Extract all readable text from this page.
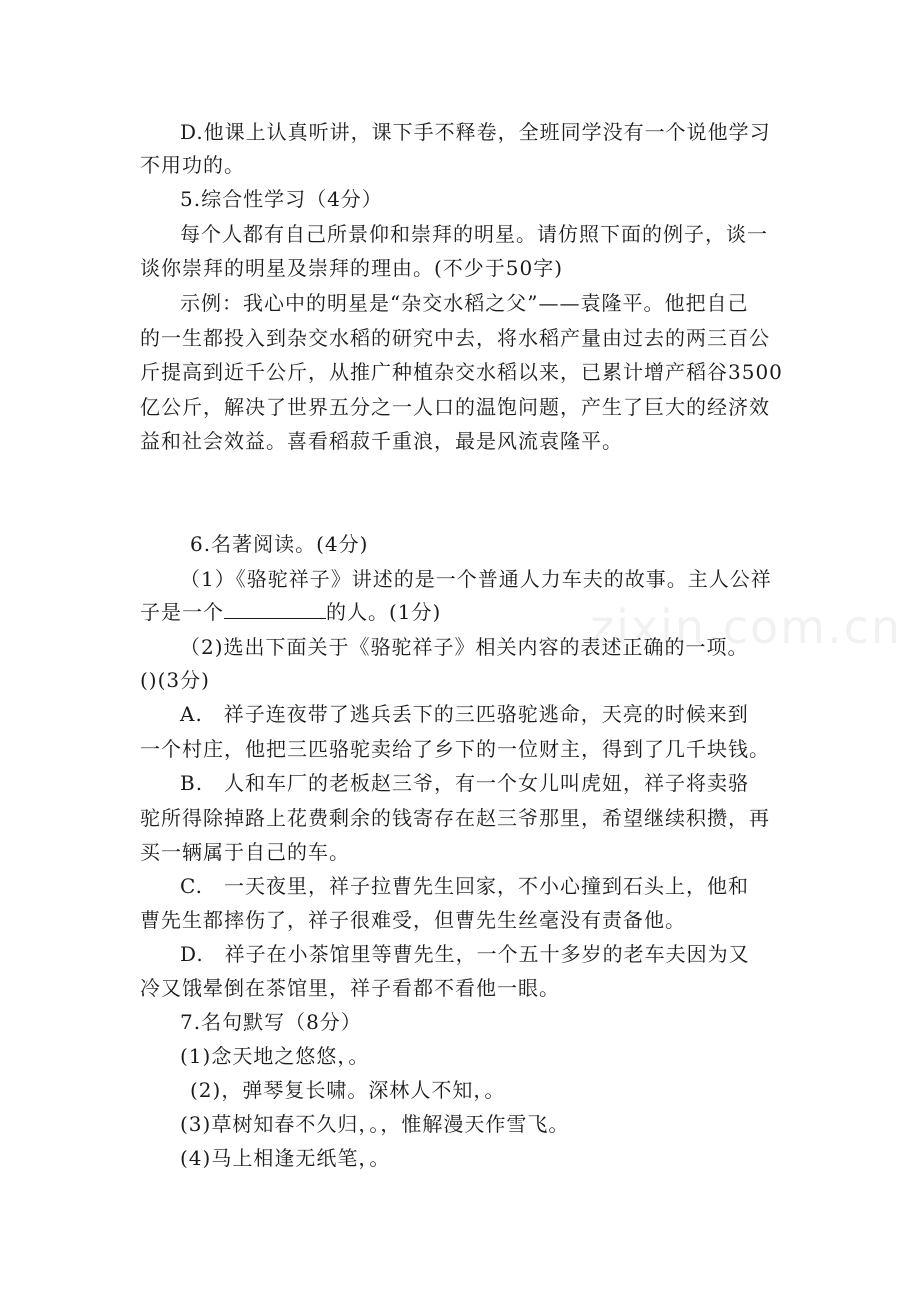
D.他课上认真听讲，课下手不释卷，全班同学没有一个说他学习
不用功的。
5.综合性学习（4分）
每个人都有自己所景仰和崇拜的明星。请仿照下面的例子，谈一
谈你崇拜的明星及崇拜的理由。(不少于50字)
示例：我心中的明星是“杂交水稻之父”——袁隆平。他把自己
的一生都投入到杂交水稻的研究中去，将水稻产量由过去的两三百公
斤提高到近千公斤，从推广种植杂交水稻以来，已累计增产稻谷3500
亿公斤，解决了世界五分之一人口的温饱问题，产生了巨大的经济效
益和社会效益。喜看稻菽千重浪，最是风流袁隆平。
6.名著阅读。(4分)
（1）《骆驼祥子》讲述的是一个普通人力车夫的故事。主人公祥
子是一个	的人。(1分)
（2)选出下面关于《骆驼祥子》相关内容的表述正确的一项。
()(3分)
A.　祥子连夜带了逃兵丢下的三匹骆驼逃命，天亮的时候来到
一个村庄，他把三匹骆驼卖给了乡下的一位财主，得到了几千块钱。
B.　人和车厂的老板赵三爷，有一个女儿叫虎妞，祥子将卖骆
驼所得除掉路上花费剩余的钱寄存在赵三爷那里，希望继续积攒，再
买一辆属于自己的车。
C.　一天夜里，祥子拉曹先生回家，不小心撞到石头上，他和
曹先生都摔伤了，祥子很难受，但曹先生丝毫没有责备他。
D.　祥子在小茶馆里等曹先生，一个五十多岁的老车夫因为又
冷又饿晕倒在茶馆里，祥子看都不看他一眼。
7.名句默写（8分）
(1)念天地之悠悠，。
(2)，弹琴复长啸。深林人不知，。
(3)草树知春不久归，。，惟解漫天作雪飞。
(4)马上相逢无纸笔，。
zixin.com.cn
